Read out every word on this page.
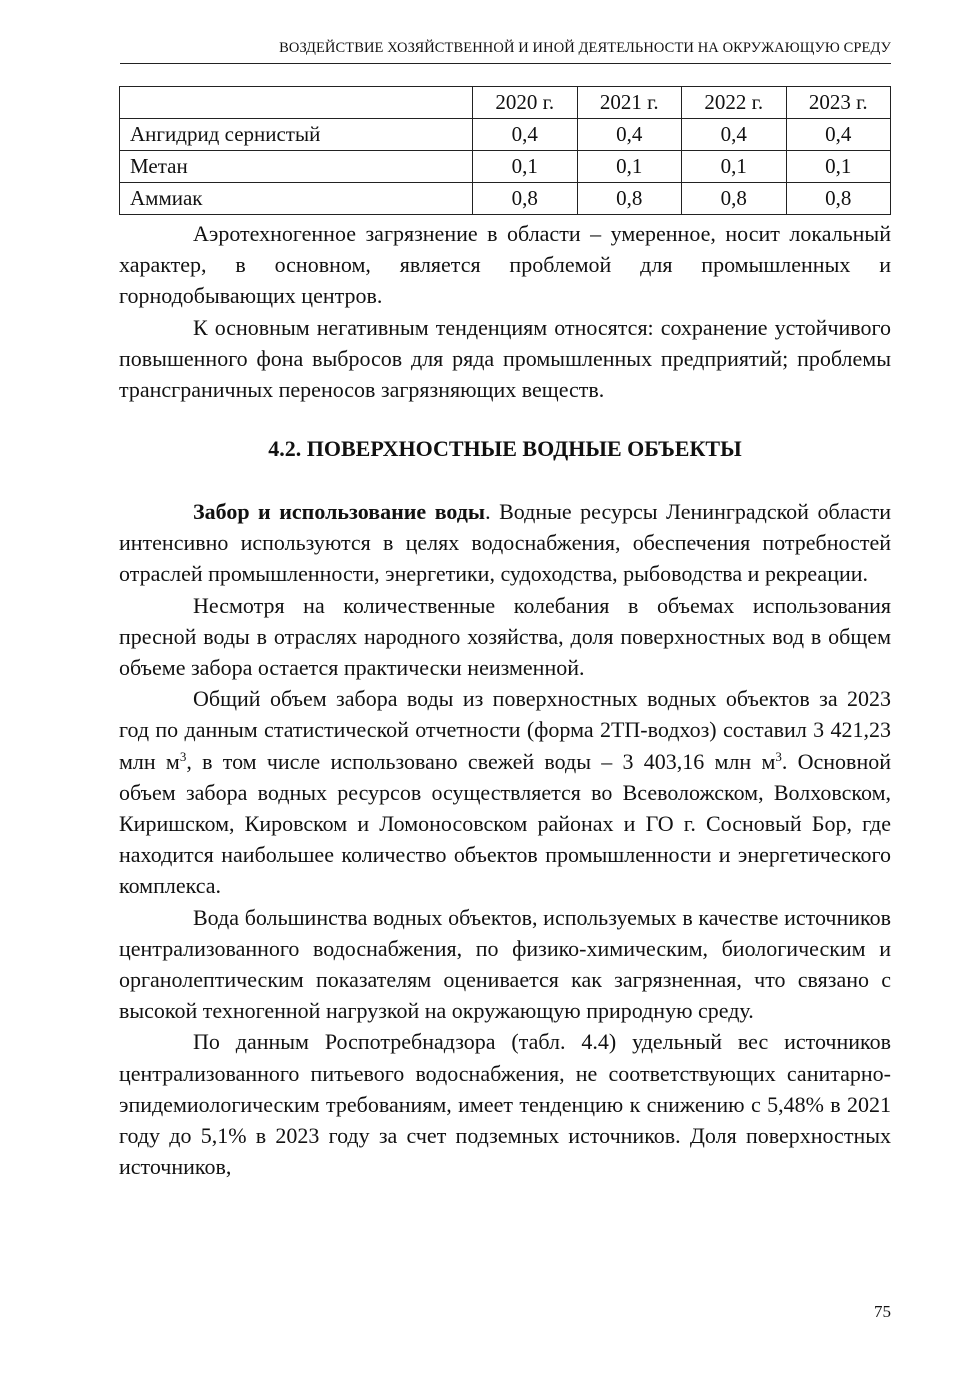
ВОЗДЕЙСТВИЕ ХОЗЯЙСТВЕННОЙ И ИНОЙ ДЕЯТЕЛЬНОСТИ НА ОКРУЖАЮЩУЮ СРЕДУ
	2020 г.	2021 г.	2022 г.	2023 г.
Ангидрид сернистый	0,4	0,4	0,4	0,4
Метан	0,1	0,1	0,1	0,1
Аммиак	0,8	0,8	0,8	0,8

Аэротехногенное загрязнение в области – умеренное, носит локальный характер, в основном, является проблемой для промышленных и горнодобывающих центров.

К основным негативным тенденциям относятся: сохранение устойчивого повышенного фона выбросов для ряда промышленных предприятий; проблемы трансграничных переносов загрязняющих веществ.

4.2. ПОВЕРХНОСТНЫЕ ВОДНЫЕ ОБЪЕКТЫ

Забор и использование воды. Водные ресурсы Ленинградской области интенсивно используются в целях водоснабжения, обеспечения потребностей отраслей промышленности, энергетики, судоходства, рыбоводства и рекреации.

Несмотря на количественные колебания в объемах использования пресной воды в отраслях народного хозяйства, доля поверхностных вод в общем объеме забора остается практически неизменной.

Общий объем забора воды из поверхностных водных объектов за 2023 год по данным статистической отчетности (форма 2ТП-водхоз) составил 3 421,23 млн $м^3$, в том числе использовано свежей воды – 3 403,16 млн $м^3$. Основной объем забора водных ресурсов осуществляется во Всеволожском, Волховском, Киришском, Кировском и Ломоносовском районах и ГО г. Сосновый Бор, где находится наибольшее количество объектов промышленности и энергетического комплекса.

Вода большинства водных объектов, используемых в качестве источников централизованного водоснабжения, по физико-химическим, биологическим и органолептическим показателям оценивается как загрязненная, что связано с высокой техногенной нагрузкой на окружающую природную среду.

По данным Роспотребнадзора (табл. 4.4) удельный вес источников централизованного питьевого водоснабжения, не соответствующих санитарно-эпидемиологическим требованиям, имеет тенденцию к снижению с 5,48% в 2021 году до 5,1% в 2023 году за счет подземных источников. Доля поверхностных источников,

75
